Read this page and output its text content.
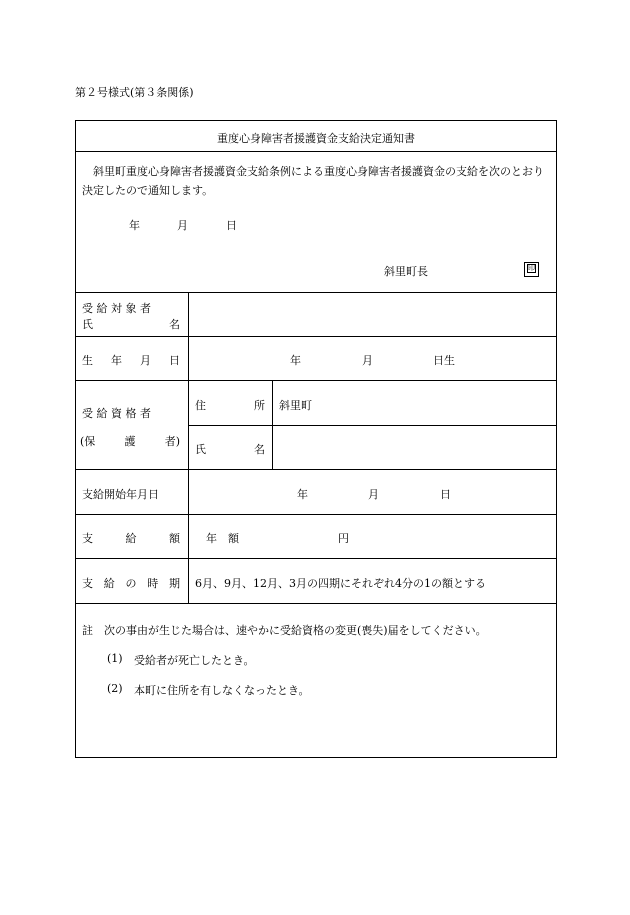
第２号様式(第３条関係)
重度心身障害者援護資金支給決定通知書
斜里町重度心身障害者援護資金支給条例による重度心身障害者援護資金の支給を次のとおり決定したので通知します。
年	月	日
斜里町長	印
受 給 対 象 者
氏	名
生 年 月 日	年	月	日生
受 給 資 格 者
(保	護	者)
住	所 斜里町
氏	名
支給開始年月日	年	月	日
支	給	額 年　額	円
支 給 の 時 期 6月、9月、12月、3月の四期にそれぞれ4分の1の額とする
註　次の事由が生じた場合は、速やかに受給資格の変更(喪失)届をしてください。
(1) 受給者が死亡したとき。
(2) 本町に住所を有しなくなったとき。
